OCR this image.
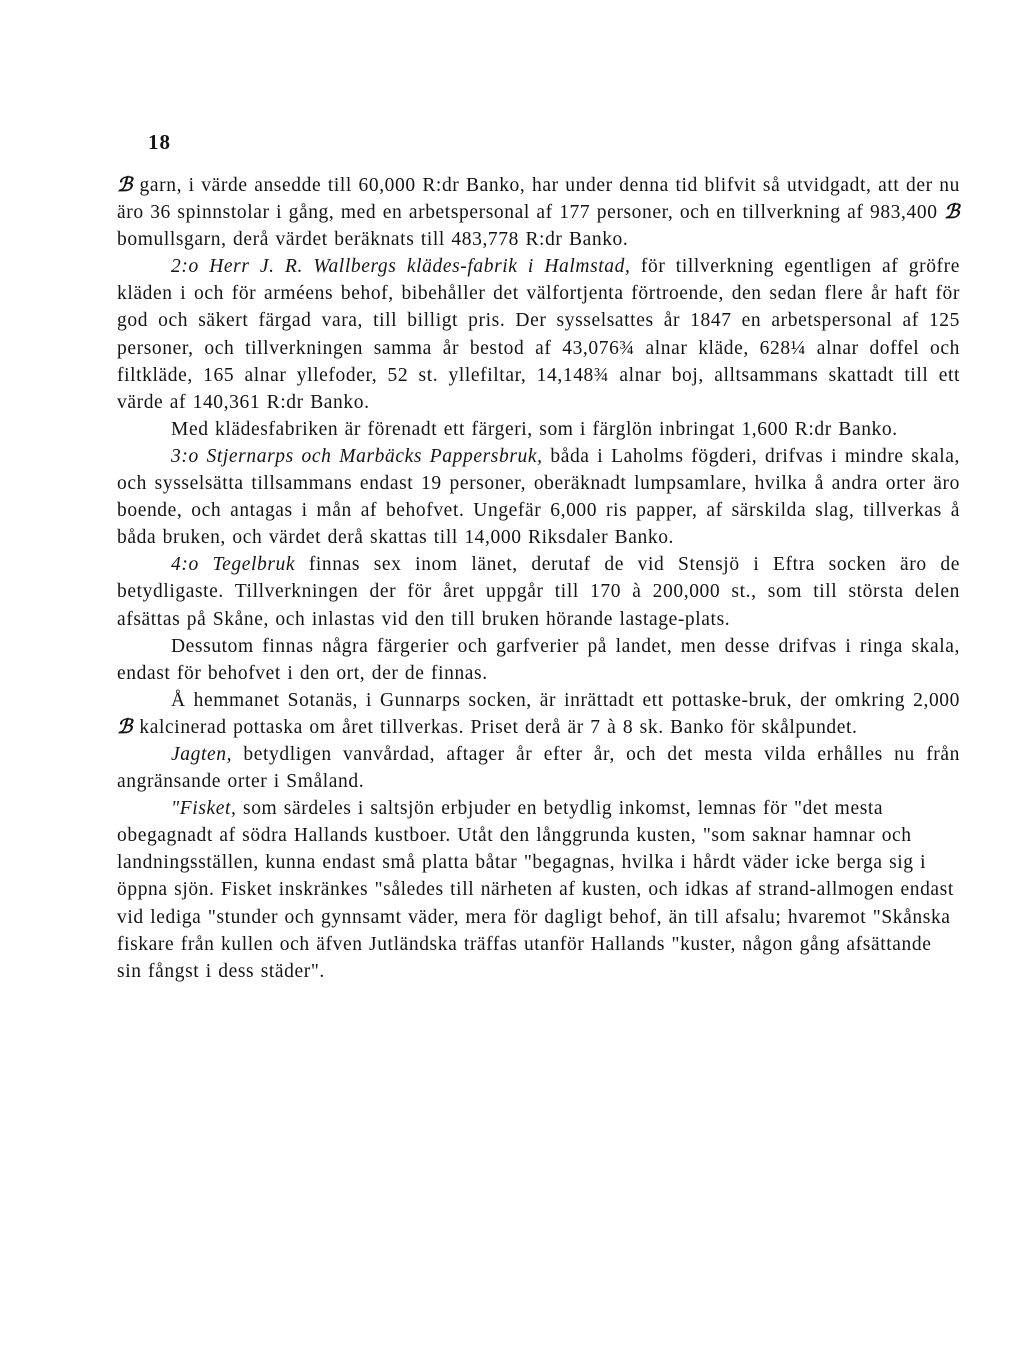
18

ℬ garn, i värde ansedde till 60,000 R:dr Banko, har under denna tid blifvit så utvidgadt, att der nu äro 36 spinnstolar i gång, med en arbetspersonal af 177 personer, och en tillverkning af 983,400 ℬ bomullsgarn, derå värdet beräknats till 483,778 R:dr Banko.

2:o Herr J. R. Wallbergs klädes-fabrik i Halmstad, för tillverkning egentligen af gröfre kläden i och för arméens behof, bibehåller det välfortjenta förtroende, den sedan flere år haft för god och säkert färgad vara, till billigt pris. Der sysselsattes år 1847 en arbetspersonal af 125 personer, och tillverkningen samma år bestod af 43,076¾ alnar kläde, 628¼ alnar doffel och filtkläde, 165 alnar yllefoder, 52 st. yllefiltar, 14,148¾ alnar boj, alltsammans skattadt till ett värde af 140,361 R:dr Banko.

Med klädesfabriken är förenadt ett färgeri, som i färglön inbringat 1,600 R:dr Banko.

3:o Stjernarps och Marbäcks Pappersbruk, båda i Laholms fögderi, drifvas i mindre skala, och sysselsätta tillsammans endast 19 personer, oberäknadt lumpsamlare, hvilka å andra orter äro boende, och antagas i mån af behofvet. Ungefär 6,000 ris papper, af särskilda slag, tillverkas å båda bruken, och värdet derå skattas till 14,000 Riksdaler Banko.

4:o Tegelbruk finnas sex inom länet, derutaf de vid Stensjö i Eftra socken äro de betydligaste. Tillverkningen der för året uppgår till 170 à 200,000 st., som till största delen afsättas på Skåne, och inlastas vid den till bruken hörande lastage-plats.

Dessutom finnas några färgerier och garfverier på landet, men desse drifvas i ringa skala, endast för behofvet i den ort, der de finnas.

Å hemmanet Sotanäs, i Gunnarps socken, är inrättadt ett pottaske-bruk, der omkring 2,000 ℬ kalcinerad pottaska om året tillverkas. Priset derå är 7 à 8 sk. Banko för skålpundet.

Jagten, betydligen vanvårdad, aftager år efter år, och det mesta vilda erhålles nu från angränsande orter i Småland.

"Fisket, som särdeles i saltsjön erbjuder en betydlig inkomst, lemnas för "det mesta obegagnadt af södra Hallands kustboer. Utåt den långgrunda kusten, "som saknar hamnar och landningsställen, kunna endast små platta båtar "begagnas, hvilka i hårdt väder icke berga sig i öppna sjön. Fisket inskränkes "således till närheten af kusten, och idkas af strand-allmogen endast vid lediga "stunder och gynnsamt väder, mera för dagligt behof, än till afsalu; hvaremot "Skånska fiskare från kullen och äfven Jutländska träffas utanför Hallands "kuster, någon gång afsättande sin fångst i dess städer".
